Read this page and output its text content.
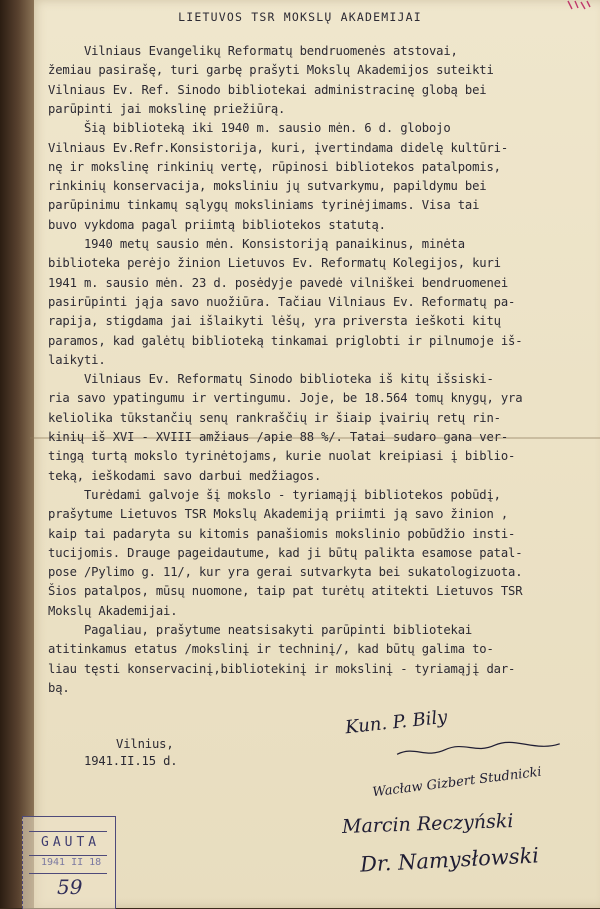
LIETUVOS TSR MOKSLŲ AKADEMIJAI
Vilniaus Evangelikų Reformatų bendruomenės atstovai,
žemiau pasirašę, turi garbę prašyti Mokslų Akademijos suteikti
Vilniaus Ev. Ref. Sinodo bibliotekai administracinę globą bei
parūpinti jai mokslinę priežiūrą.
Šią biblioteką iki 1940 m. sausio mėn. 6 d. globojo
Vilniaus Ev.Refr.Konsistorija, kuri, įvertindama didelę kultūri-
nę ir mokslinę rinkinių vertę, rūpinosi bibliotekos patalpomis,
rinkinių konservacija, moksliniu jų sutvarkymu, papildymu bei
parūpinimu tinkamų sąlygų moksliniams tyrinėjimams. Visa tai
buvo vykdoma pagal priimtą bibliotekos statutą.
1940 metų sausio mėn. Konsistoriją panaikinus, minėta
biblioteka perėjo žinion Lietuvos Ev. Reformatų Kolegijos, kuri
1941 m. sausio mėn. 23 d. posėdyje pavedė vilniškei bendruomenei
pasirūpinti jąja savo nuožiūra. Tačiau Vilniaus Ev. Reformatų pa-
rapija, stigdama jai išlaikyti lėšų, yra priversta ieškoti kitų
paramos, kad galėtų biblioteką tinkamai priglobti ir pilnumoje iš-
laikyti.
Vilniaus Ev. Reformatų Sinodo biblioteka iš kitų išsiski-
ria savo ypatingumu ir vertingumu. Joje, be 18.564 tomų knygų, yra
keliolika tūkstančių senų rankraščių ir šiaip įvairių retų rin-
kinių iš XVI - XVIII amžiaus /apie 88 %/. Tatai sudaro gana ver-
tingą turtą mokslo tyrinėtojams, kurie nuolat kreipiasi į biblio-
teką, ieškodami savo darbui medžiagos.
Turėdami galvoje šį mokslo - tyriamąjį bibliotekos pobūdį,
prašytume Lietuvos TSR Mokslų Akademiją priimti ją savo žinion ,
kaip tai padaryta su kitomis panašiomis moksliniо pobūdžio insti-
tucijomis. Drauge pageidautume, kad ji būtų palikta esamose patal-
pose /Pylimo g. 11/, kur yra gerai sutvarkyta bei sukatologizuota.
Šios patalpos, mūsų nuomone, taip pat turėtų atitekti Lietuvos TSR
Mokslų Akademijai.
Pagaliau, prašytume neatsisakyti parūpinti bibliotekai
atitinkamus etatus /mokslinį ir techninį/, kad būtų galima to-
liau tęsti konservacinį,bibliotekinį ir mokslinį - tyriamąjį dar-
bą.
Vilnius,
1941.II.15 d.
Kun. P. Bily
Wacław Gizbert Studnicki
Marcin Reczyński
Dr. Namysłowski
GAUTA
1941 II 18
59
